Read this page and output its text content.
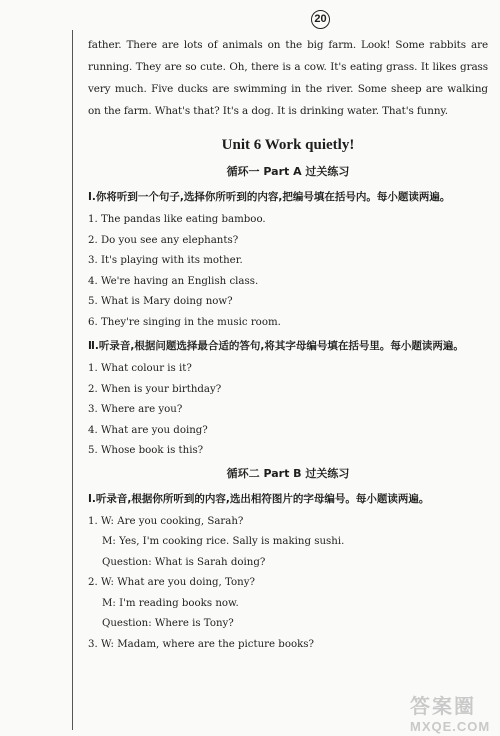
20

father. There are lots of animals on the big farm. Look! Some rabbits are running. They are so cute. Oh, there is a cow. It's eating grass. It likes grass very much. Five ducks are swimming in the river. Some sheep are walking on the farm. What's that? It's a dog. It is drinking water. That's funny.

Unit 6 Work quietly!
循环一 Part A 过关练习

Ⅰ.你将听到一个句子,选择你所听到的内容,把编号填在括号内。每小题读两遍。

1. The pandas like eating bamboo.
2. Do you see any elephants?
3. It's playing with its mother.
4. We're having an English class.
5. What is Mary doing now?
6. They're singing in the music room.

Ⅱ.听录音,根据问题选择最合适的答句,将其字母编号填在括号里。每小题读两遍。

1. What colour is it?
2. When is your birthday?
3. Where are you?
4. What are you doing?
5. Whose book is this?
循环二 Part B 过关练习

Ⅰ.听录音,根据你所听到的内容,选出相符图片的字母编号。每小题读两遍。

1. W: Are you cooking, Sarah?
M: Yes, I'm cooking rice. Sally is making sushi.
Question: What is Sarah doing?
2. W: What are you doing, Tony?
M: I'm reading books now.
Question: Where is Tony?
3. W: Madam, where are the picture books?
答案圈
MXQE.COM
